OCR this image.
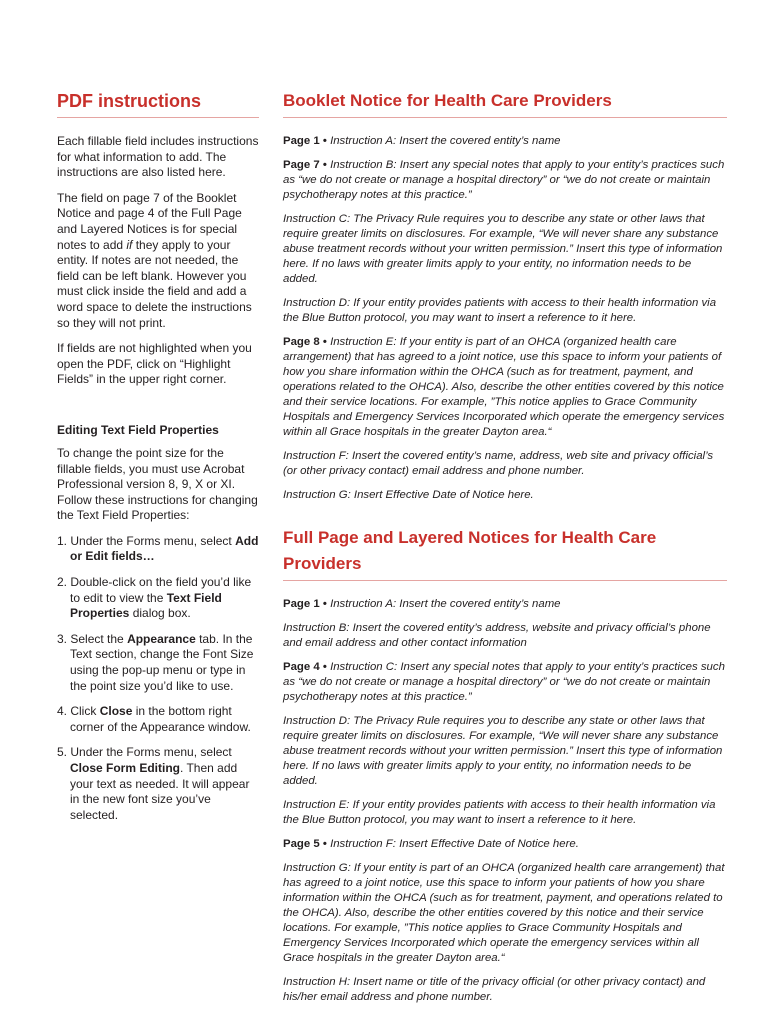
PDF instructions

Each fillable field includes instructions for what information to add. The instructions are also listed here.

The field on page 7 of the Booklet Notice and page 4 of the Full Page and Layered Notices is for special notes to add if they apply to your entity. If notes are not needed, the field can be left blank. However you must click inside the field and add a word space to delete the instructions so they will not print.

If fields are not highlighted when you open the PDF, click on “Highlight Fields” in the upper right corner.

Editing Text Field Properties

To change the point size for the fillable fields, you must use Acrobat Professional version 8, 9, X or XI. Follow these instructions for changing the Text Field Properties:

1. Under the Forms menu, select Add or Edit fields…
2. Double-click on the field you’d like to edit to view the Text Field Properties dialog box.
3. Select the Appearance tab. In the Text section, change the Font Size using the pop-up menu or type in the point size you’d like to use.
4. Click Close in the bottom right corner of the Appearance window.
5. Under the Forms menu, select Close Form Editing. Then add your text as needed. It will appear in the new font size you’ve selected.
Booklet Notice for Health Care Providers

Page 1 • Instruction A: Insert the covered entity’s name

Page 7 • Instruction B: Insert any special notes that apply to your entity’s practices such as “we do not create or manage a hospital directory” or “we do not create or maintain psychotherapy notes at this practice.”

Instruction C: The Privacy Rule requires you to describe any state or other laws that require greater limits on disclosures. For example, “We will never share any substance abuse treatment records without your written permission.” Insert this type of information here. If no laws with greater limits apply to your entity, no information needs to be added.

Instruction D: If your entity provides patients with access to their health information via the Blue Button protocol, you may want to insert a reference to it here.

Page 8 • Instruction E: If your entity is part of an OHCA (organized health care arrangement) that has agreed to a joint notice, use this space to inform your patients of how you share information within the OHCA (such as for treatment, payment, and operations related to the OHCA). Also, describe the other entities covered by this notice and their service locations. For example, ”This notice applies to Grace Community Hospitals and Emergency Services Incorporated which operate the emergency services within all Grace hospitals in the greater Dayton area.“

Instruction F: Insert the covered entity’s name, address, web site and privacy official’s (or other privacy contact) email address and phone number.

Instruction G: Insert Effective Date of Notice here.

Full Page and Layered Notices for Health Care Providers

Page 1 • Instruction A: Insert the covered entity’s name

Instruction B: Insert the covered entity’s address, website and privacy official’s phone and email address and other contact information

Page 4 • Instruction C: Insert any special notes that apply to your entity’s practices such as “we do not create or manage a hospital directory” or “we do not create or maintain psychotherapy notes at this practice.”

Instruction D: The Privacy Rule requires you to describe any state or other laws that require greater limits on disclosures. For example, “We will never share any substance abuse treatment records without your written permission.” Insert this type of information here. If no laws with greater limits apply to your entity, no information needs to be added.

Instruction E: If your entity provides patients with access to their health information via the Blue Button protocol, you may want to insert a reference to it here.

Page 5 • Instruction F: Insert Effective Date of Notice here.

Instruction G: If your entity is part of an OHCA (organized health care arrangement) that has agreed to a joint notice, use this space to inform your patients of how you share information within the OHCA (such as for treatment, payment, and operations related to the OHCA). Also, describe the other entities covered by this notice and their service locations. For example, ”This notice applies to Grace Community Hospitals and Emergency Services Incorporated which operate the emergency services within all Grace hospitals in the greater Dayton area.“

Instruction H: Insert name or title of the privacy official (or other privacy contact) and his/her email address and phone number.
